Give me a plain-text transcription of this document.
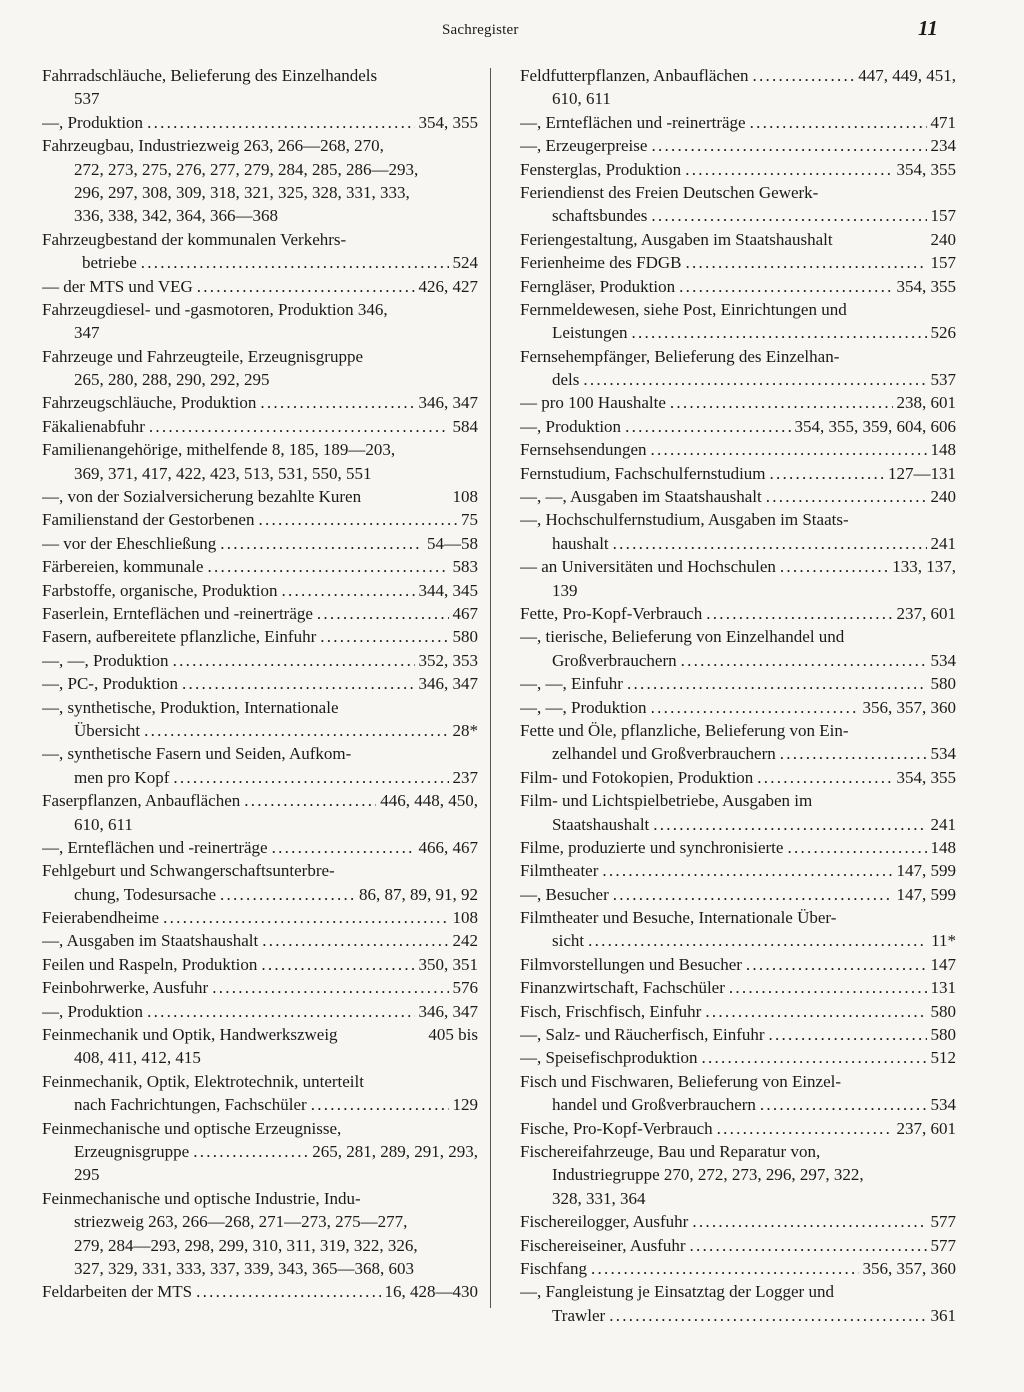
Sachregister	11
Fahrradschläuche, Belieferung des Einzelhandels
537
—, Produktion . . .	354, 355
Fahrzeugbau, Industriezweig 263, 266—268, 270,
272, 273, 275, 276, 277, 279, 284, 285, 286—293,
296, 297, 308, 309, 318, 321, 325, 328, 331, 333,
336, 338, 342, 364, 366—368
Fahrzeugbestand der kommunalen Verkehrs-
betriebe . . .	524
— der MTS und VEG . . .	426, 427
Fahrzeugdiesel- und -gasmotoren, Produktion 346,
347
Fahrzeuge und Fahrzeugteile, Erzeugnisgruppe
265, 280, 288, 290, 292, 295
Fahrzeugschläuche, Produktion . . .	346, 347
Fäkalienabfuhr . . .	584
Familienangehörige, mithelfende 8, 185, 189—203,
369, 371, 417, 422, 423, 513, 531, 550, 551
—, von der Sozialversicherung bezahlte Kuren	108
Familienstand der Gestorbenen . . .	75
— vor der Eheschließung . . .	54—58
Färbereien, kommunale . . .	583
Farbstoffe, organische, Produktion . . .	344, 345
Faserlein, Ernteflächen und -reinerträge . . .	467
Fasern, aufbereitete pflanzliche, Einfuhr . . .	580
—, —, Produktion . . .	352, 353
—, PC-, Produktion . . .	346, 347
—, synthetische, Produktion, Internationale
Übersicht . . .	28*
—, synthetische Fasern und Seiden, Aufkom-
men pro Kopf . . .	237
Faserpflanzen, Anbauflächen . . .	446, 448, 450,
610, 611
—, Ernteflächen und -reinerträge . . .	466, 467
Fehlgeburt und Schwangerschaftsunterbre-
chung, Todesursache . . .	86, 87, 89, 91, 92
Feierabendheime . . .	108
—, Ausgaben im Staatshaushalt . . .	242
Feilen und Raspeln, Produktion . . .	350, 351
Feinbohrwerke, Ausfuhr . . .	576
—, Produktion . . .	346, 347
Feinmechanik und Optik, Handwerkszweig	405 bis
408, 411, 412, 415
Feinmechanik, Optik, Elektrotechnik, unterteilt
nach Fachrichtungen, Fachschüler . . .	129
Feinmechanische und optische Erzeugnisse,
Erzeugnisgruppe . . .	265, 281, 289, 291, 293,
295
Feinmechanische und optische Industrie, Indu-
striezweig 263, 266—268, 271—273, 275—277,
279, 284—293, 298, 299, 310, 311, 319, 322, 326,
327, 329, 331, 333, 337, 339, 343, 365—368, 603
Feldarbeiten der MTS . . .	16, 428—430
Feldfutterpflanzen, Anbauflächen . . .	447, 449, 451,
610, 611
—, Ernteflächen und -reinerträge . . .	471
—, Erzeugerpreise . . .	234
Fensterglas, Produktion . . .	354, 355
Feriendienst des Freien Deutschen Gewerk-
schaftsbundes . . .	157
Feriengestaltung, Ausgaben im Staatshaushalt	240
Ferienheime des FDGB . . .	157
Ferngläser, Produktion . . .	354, 355
Fernmeldewesen, siehe Post, Einrichtungen und
Leistungen . . .	526
Fernsehempfänger, Belieferung des Einzelhan-
dels . . .	537
— pro 100 Haushalte . . .	238, 601
—, Produktion . . .	354, 355, 359, 604, 606
Fernsehsendungen . . .	148
Fernstudium, Fachschulfernstudium . . .	127—131
—, —, Ausgaben im Staatshaushalt . . .	240
—, Hochschulfernstudium, Ausgaben im Staats-
haushalt . . .	241
— an Universitäten und Hochschulen . . .	133, 137,
139
Fette, Pro-Kopf-Verbrauch . . .	237, 601
—, tierische, Belieferung von Einzelhandel und
Großverbrauchern . . .	534
—, —, Einfuhr . . .	580
—, —, Produktion . . .	356, 357, 360
Fette und Öle, pflanzliche, Belieferung von Ein-
zelhandel und Großverbrauchern . . .	534
Film- und Fotokopien, Produktion . . .	354, 355
Film- und Lichtspielbetriebe, Ausgaben im
Staatshaushalt . . .	241
Filme, produzierte und synchronisierte . . .	148
Filmtheater . . .	147, 599
—, Besucher . . .	147, 599
Filmtheater und Besuche, Internationale Über-
sicht . . .	11*
Filmvorstellungen und Besucher . . .	147
Finanzwirtschaft, Fachschüler . . .	131
Fisch, Frischfisch, Einfuhr . . .	580
—, Salz- und Räucherfisch, Einfuhr . . .	580
—, Speisefischproduktion . . .	512
Fisch und Fischwaren, Belieferung von Einzel-
handel und Großverbrauchern . . .	534
Fische, Pro-Kopf-Verbrauch . . .	237, 601
Fischereifahrzeuge, Bau und Reparatur von,
Industriegruppe 270, 272, 273, 296, 297, 322,
328, 331, 364
Fischereilogger, Ausfuhr . . .	577
Fischereiseiner, Ausfuhr . . .	577
Fischfang . . .	356, 357, 360
—, Fangleistung je Einsatztag der Logger und
Trawler . . .	361
